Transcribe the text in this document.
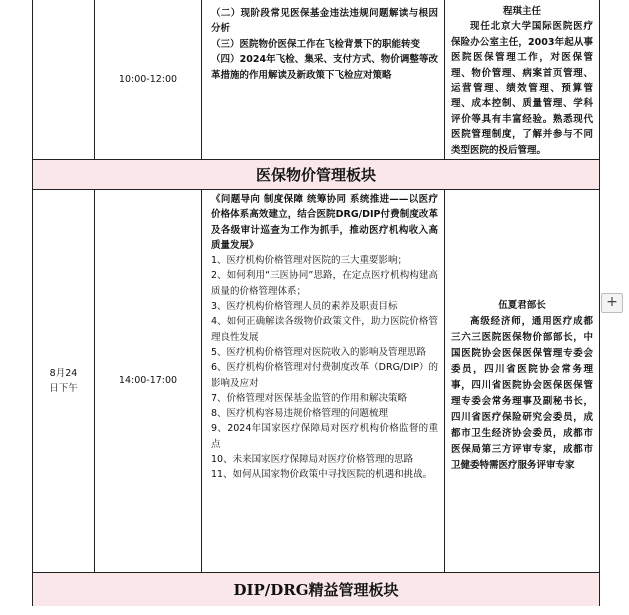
10:00-12:00
（二）现阶段常见医保基金违法违规问题解读与根因分析
（三）医院物价医保工作在飞检背景下的职能转变
（四）2024年飞检、集采、支付方式、物价调整等改革措施的作用解读及新政策下飞检应对策略
程琪主任
现任北京大学国际医院医疗保险办公室主任，2003年起从事医院医保管理工作，对医保管理、物价管理、病案首页管理、运营管理、绩效管理、预算管理、成本控制、质量管理、学科评价等具有丰富经验。熟悉现代医院管理制度，了解并参与不同类型医院的投后管理。
医保物价管理板块
8月24日下午
14:00-17:00
《问题导向 制度保障 统筹协同 系统推进——以医疗价格体系高效建立，结合医院DRG/DIP付费制度改革及各级审计巡查为工作为抓手，推动医疗机构收入高质量发展》
1、医疗机构价格管理对医院的三大重要影响；
2、如何利用“三医协同”思路，在定点医疗机构构建高质量的价格管理体系；
3、医疗机构价格管理人员的素养及职责目标
4、如何正确解读各级物价政策文件，助力医院价格管理良性发展
5、医疗机构价格管理对医院收入的影响及管理思路
6、医疗机构价格管理对付费制度改革（DRG/DIP）的影响及应对
7、价格管理对医保基金监管的作用和解决策略
8、医疗机构容易违规价格管理的问题梳理
9、2024年国家医疗保障局对医疗机构价格监督的重点
10、未来国家医疗保障局对医疗价格管理的思路
11、如何从国家物价政策中寻找医院的机遇和挑战。
伍夏君部长
高级经济师，通用医疗成都三六三医院医保物价部部长，中国医院协会医保医保管理专委会委员，四川省医院协会常务理事，四川省医院协会医保医保管理专委会常务理事及副秘书长，四川省医疗保险研究会委员，成都市卫生经济协会委员，成都市医保局第三方评审专家，成都市卫健委特需医疗服务评审专家
DIP/DRG精益管理板块
+
